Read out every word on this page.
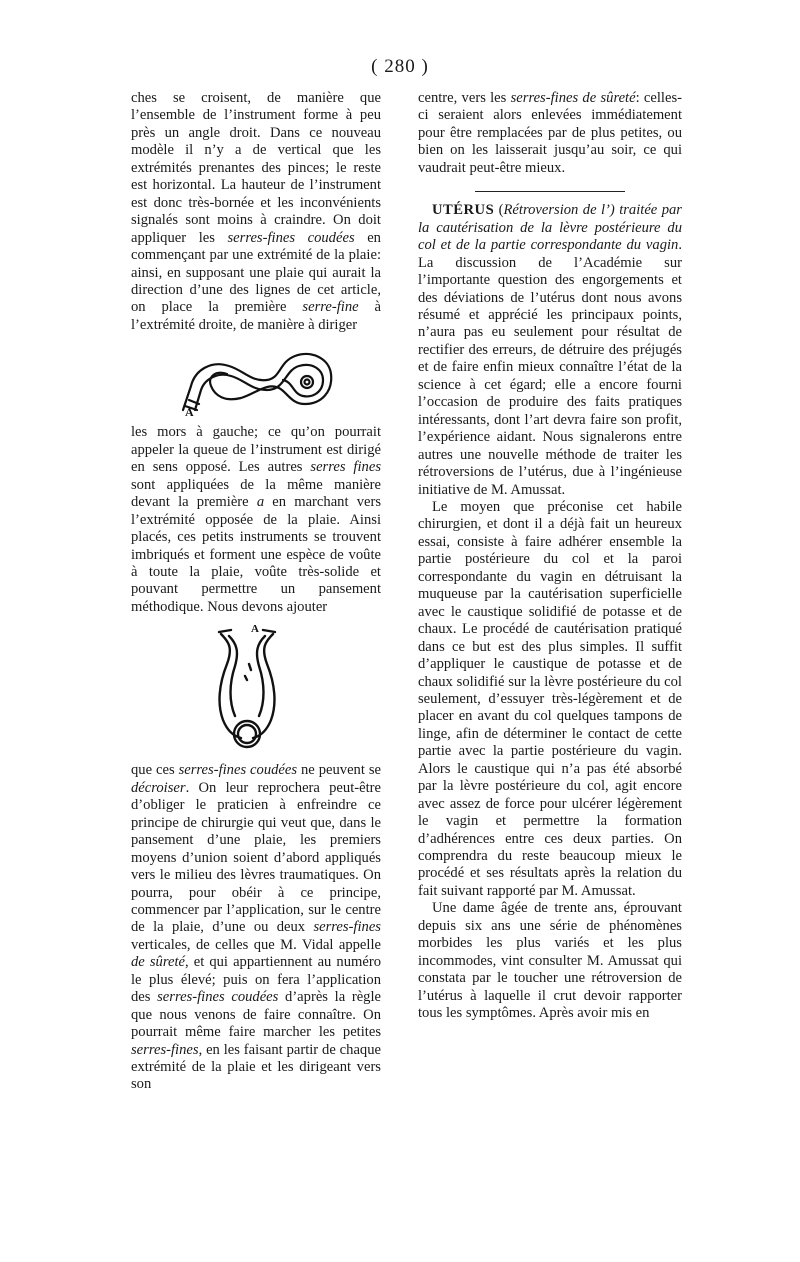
( 280 )

ches se croisent, de manière que l’ensemble de l’instrument forme à peu près un angle droit. Dans ce nouveau modèle il n’y a de vertical que les extrémités prenantes des pinces; le reste est horizontal. La hauteur de l’instrument est donc très-bornée et les inconvénients signalés sont moins à craindre. On doit appliquer les serres-fines coudées en commençant par une extrémité de la plaie: ainsi, en supposant une plaie qui aurait la direction d’une des lignes de cet article, on place la première serre-fine à l’extrémité droite, de manière à diriger

A

les mors à gauche; ce qu’on pourrait appeler la queue de l’instrument est dirigé en sens opposé. Les autres serres fines sont appliquées de la même manière devant la première a en marchant vers l’extrémité opposée de la plaie. Ainsi placés, ces petits instruments se trouvent imbriqués et forment une espèce de voûte à toute la plaie, voûte très-solide et pouvant permettre un pansement méthodique. Nous devons ajouter

A

que ces serres-fines coudées ne peuvent se décroiser. On leur reprochera peut-être d’obliger le praticien à enfreindre ce principe de chirurgie qui veut que, dans le pansement d’une plaie, les premiers moyens d’union soient d’abord appliqués vers le milieu des lèvres traumatiques. On pourra, pour obéir à ce principe, commencer par l’application, sur le centre de la plaie, d’une ou deux serres-fines verticales, de celles que M. Vidal appelle de sûreté, et qui appartiennent au numéro le plus élevé; puis on fera l’application des serres-fines coudées d’après la règle que nous venons de faire connaître. On pourrait même faire marcher les petites serres-fines, en les faisant partir de chaque extrémité de la plaie et les dirigeant vers son

centre, vers les serres-fines de sûreté: celles-ci seraient alors enlevées immédiatement pour être remplacées par de plus petites, ou bien on les laisserait jusqu’au soir, ce qui vaudrait peut-être mieux.

UTÉRUS (Rétroversion de l’) traitée par la cautérisation de la lèvre postérieure du col et de la partie correspondante du vagin. La discussion de l’Académie sur l’importante question des engorgements et des déviations de l’utérus dont nous avons résumé et apprécié les principaux points, n’aura pas eu seulement pour résultat de rectifier des erreurs, de détruire des préjugés et de faire enfin mieux connaître l’état de la science à cet égard; elle a encore fourni l’occasion de produire des faits pratiques intéressants, dont l’art devra faire son profit, l’expérience aidant. Nous signalerons entre autres une nouvelle méthode de traiter les rétroversions de l’utérus, due à l’ingénieuse initiative de M. Amussat.

Le moyen que préconise cet habile chirurgien, et dont il a déjà fait un heureux essai, consiste à faire adhérer ensemble la partie postérieure du col et la paroi correspondante du vagin en détruisant la muqueuse par la cautérisation superficielle avec le caustique solidifié de potasse et de chaux. Le procédé de cautérisation pratiqué dans ce but est des plus simples. Il suffit d’appliquer le caustique de potasse et de chaux solidifié sur la lèvre postérieure du col seulement, d’essuyer très-légèrement et de placer en avant du col quelques tampons de linge, afin de déterminer le contact de cette partie avec la partie postérieure du vagin. Alors le caustique qui n’a pas été absorbé par la lèvre postérieure du col, agit encore avec assez de force pour ulcérer légèrement le vagin et permettre la formation d’adhérences entre ces deux parties. On comprendra du reste beaucoup mieux le procédé et ses résultats après la relation du fait suivant rapporté par M. Amussat.

Une dame âgée de trente ans, éprouvant depuis six ans une série de phénomènes morbides les plus variés et les plus incommodes, vint consulter M. Amussat qui constata par le toucher une rétroversion de l’utérus à laquelle il crut devoir rapporter tous les symptômes. Après avoir mis en
